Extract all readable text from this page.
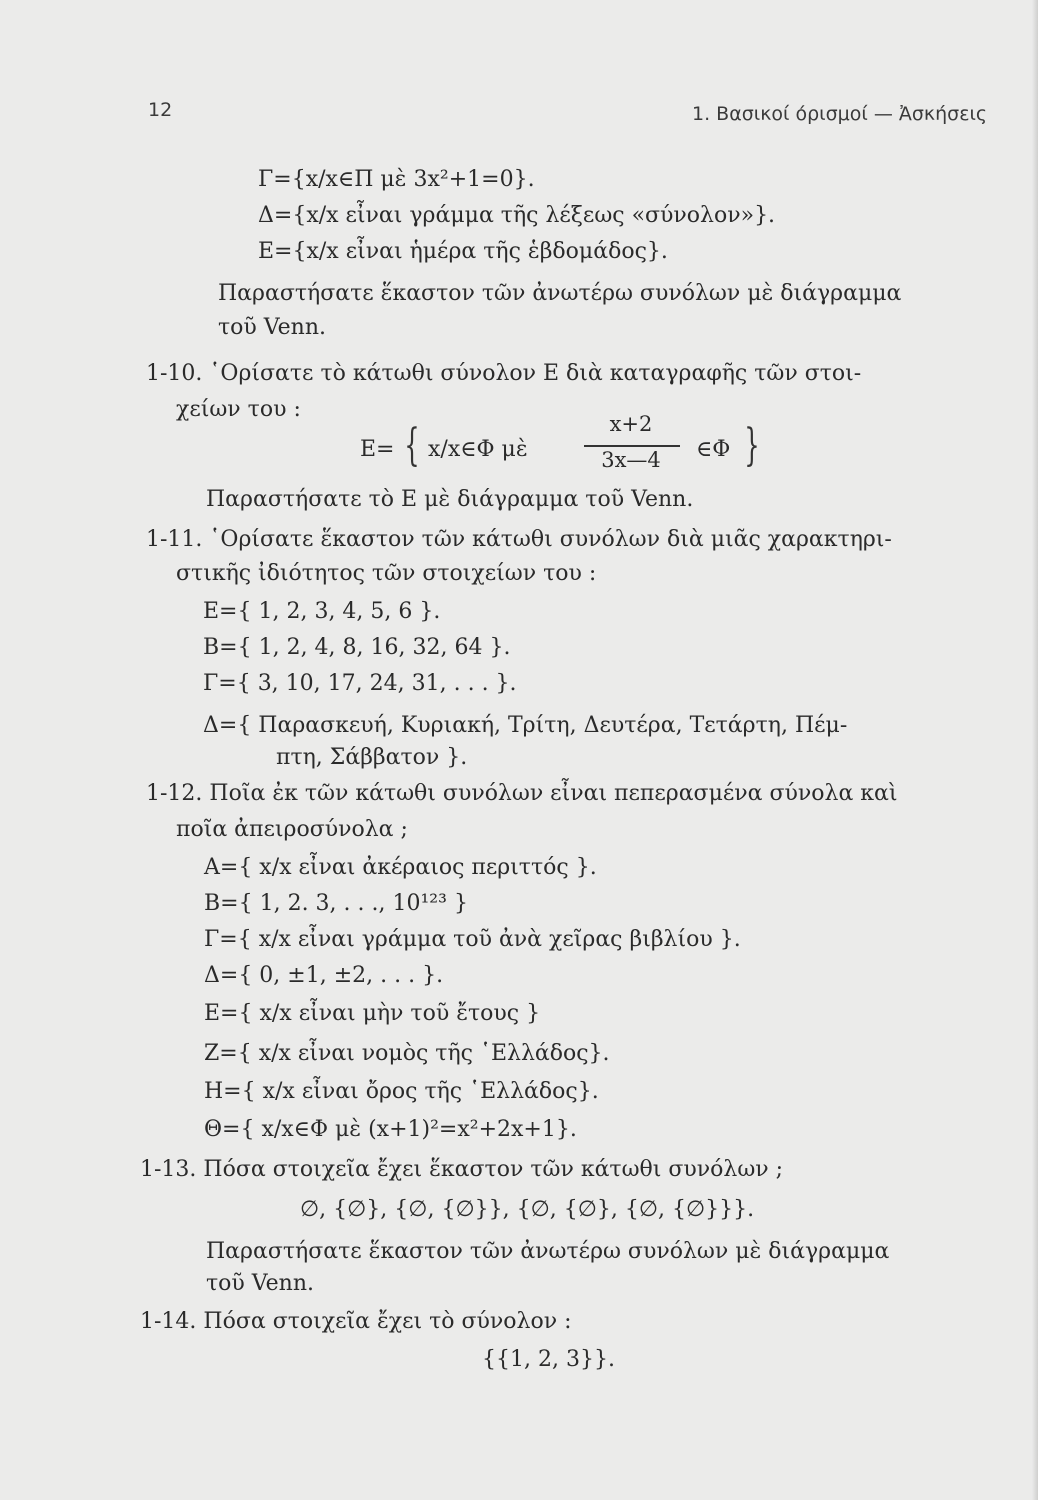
12	1. Βασικοί όρισμοί — Ἀσκήσεις
Γ={x/x∈Π μὲ 3x²+1=0}.
Δ={x/x εἶναι γράμμα τῆς λέξεως «σύνολον»}.
Ε={x/x εἶναι ἡμέρα τῆς ἑβδομάδος}.
Παραστήσατε ἕκαστον τῶν ἀνωτέρω συνόλων μὲ διάγραμμα
τοῦ Venn.
1-10. ῾Ορίσατε τὸ κάτωθι σύνολον Ε διὰ καταγραφῆς τῶν στοι-
χείων του :
Ε= { x/x∈Φ μὲ
x+2
3x—4	∈Φ }
Παραστήσατε τὸ Ε μὲ διάγραμμα τοῦ Venn.
1-11. ῾Ορίσατε ἕκαστον τῶν κάτωθι συνόλων διὰ μιᾶς χαρακτηρι-
στικῆς ἰδιότητος τῶν στοιχείων του :
Ε={ 1, 2, 3, 4, 5, 6 }.
Β={ 1, 2, 4, 8, 16, 32, 64 }.
Γ={ 3, 10, 17, 24, 31, . . . }.
Δ={ Παρασκευή, Κυριακή, Τρίτη, Δευτέρα, Τετάρτη, Πέμ-
πτη, Σάββατον }.
1-12. Ποῖα ἐκ τῶν κάτωθι συνόλων εἶναι πεπερασμένα σύνολα καὶ
ποῖα ἀπειροσύνολα ;
Α={ x/x εἶναι ἀκέραιος περιττός }.
Β={ 1, 2. 3, . . ., 10¹²³ }
Γ={ x/x εἶναι γράμμα τοῦ ἀνὰ χεῖρας βιβλίου }.
Δ={ 0, ±1, ±2, . . . }.
Ε={ x/x εἶναι μὴν τοῦ ἔτους }
Ζ={ x/x εἶναι νομὸς τῆς ῾Ελλάδος}.
Η={ x/x εἶναι ὄρος τῆς ῾Ελλάδος}.
Θ={ x/x∈Φ μὲ (x+1)²=x²+2x+1}.
1-13. Πόσα στοιχεῖα ἔχει ἕκαστον τῶν κάτωθι συνόλων ;
∅, {∅}, {∅, {∅}}, {∅, {∅}, {∅, {∅}}}.
Παραστήσατε ἕκαστον τῶν ἀνωτέρω συνόλων μὲ διάγραμμα
τοῦ Venn.
1-14. Πόσα στοιχεῖα ἔχει τὸ σύνολον :
{{1, 2, 3}}.
